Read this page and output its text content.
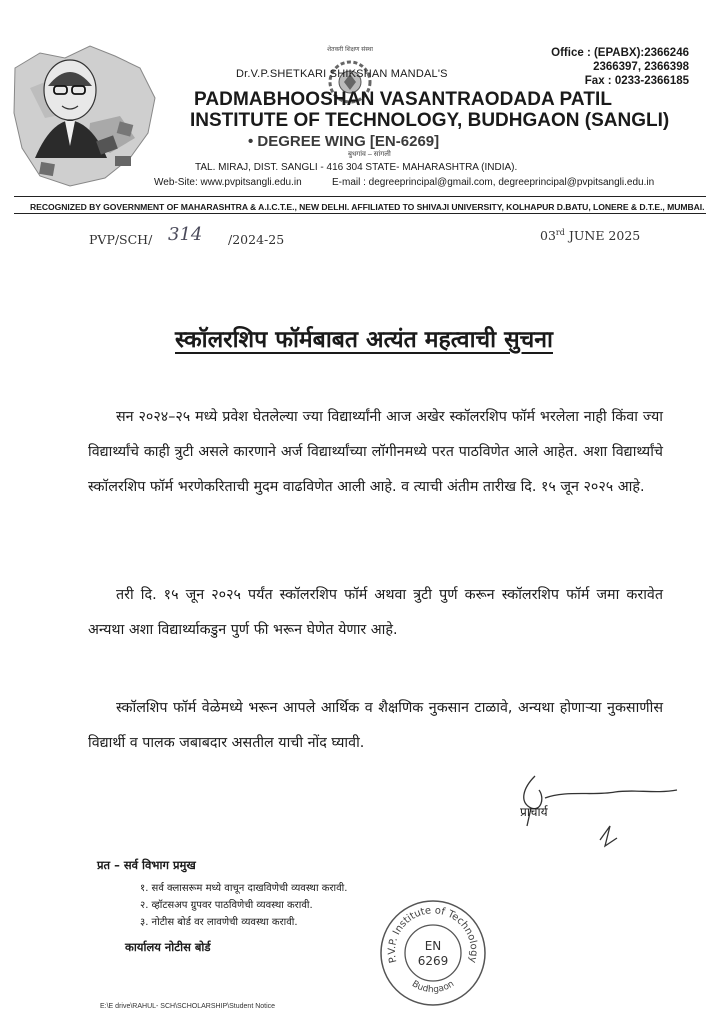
शेतकरी शिक्षण संस्था
Dr.V.P.SHETKARI SHIKSHAN MANDAL'S
PADMABHOOSHAN VASANTRAODADA PATIL
INSTITUTE OF TECHNOLOGY, BUDHGAON (SANGLI)
• DEGREE WING [EN-6269]
बुधगांव – सांगली
TAL. MIRAJ, DIST. SANGLI - 416 304 STATE- MAHARASHTRA (INDIA).
Web-Site: www.pvpitsangli.edu.in	E-mail : degreeprincipal@gmail.com, degreeprincipal@pvpitsangli.edu.in
Office : (EPABX):2366246
2366397, 2366398
Fax : 0233-2366185
RECOGNIZED BY GOVERNMENT OF MAHARASHTRA & A.I.C.T.E., NEW DELHI. AFFILIATED TO SHIVAJI UNIVERSITY, KOLHAPUR D.BATU, LONERE & D.T.E., MUMBAI.
PVP/SCH/ 314 /2024-25	03rd JUNE 2025
स्कॉलरशिप फॉर्मबाबत अत्यंत महत्वाची सुचना
सन २०२४–२५ मध्ये प्रवेश घेतलेल्या ज्या विद्यार्थ्यांनी आज अखेर स्कॉलरशिप फॉर्म भरलेला नाही किंवा ज्या विद्यार्थ्यांचे काही त्रुटी असले कारणाने अर्ज विद्यार्थ्यांच्या लॉगीनमध्ये परत पाठविणेत आले आहेत. अशा विद्यार्थ्यांचे स्कॉलरशिप फॉर्म भरणेकरिताची मुदम वाढविणेत आली आहे. व त्याची अंतीम तारीख दि. १५ जून २०२५ आहे.
तरी दि. १५ जून २०२५ पर्यंत स्कॉलरशिप फॉर्म अथवा त्रुटी पुर्ण करून स्कॉलरशिप फॉर्म जमा करावेत अन्यथा अशा विद्यार्थ्याकडुन पुर्ण फी भरून घेणेत येणार आहे.
स्कॉलशिप फॉर्म वेळेमध्ये भरून आपले आर्थिक व शैक्षणिक नुकसान टाळावे, अन्यथा होणाऱ्या नुकसाणीस विद्यार्थी व पालक जबाबदार असतील याची नोंद घ्यावी.
प्राचार्य
प्रत – सर्व विभाग प्रमुख
१. सर्व क्लासरूम मध्ये वाचून दाखविणेची व्यवस्था करावी.
२. व्हॉटसअप ग्रुपवर पाठविणेची व्यवस्था करावी.
३. नोटीस बोर्ड वर लावणेची व्यवस्था करावी.
कार्यालय नोटीस बोर्ड
P.V.P. Institute of Technology
Budhgaon
EN
6269
E:\E drive\RAHUL- SCH\SCHOLARSHIP\Student Notice
